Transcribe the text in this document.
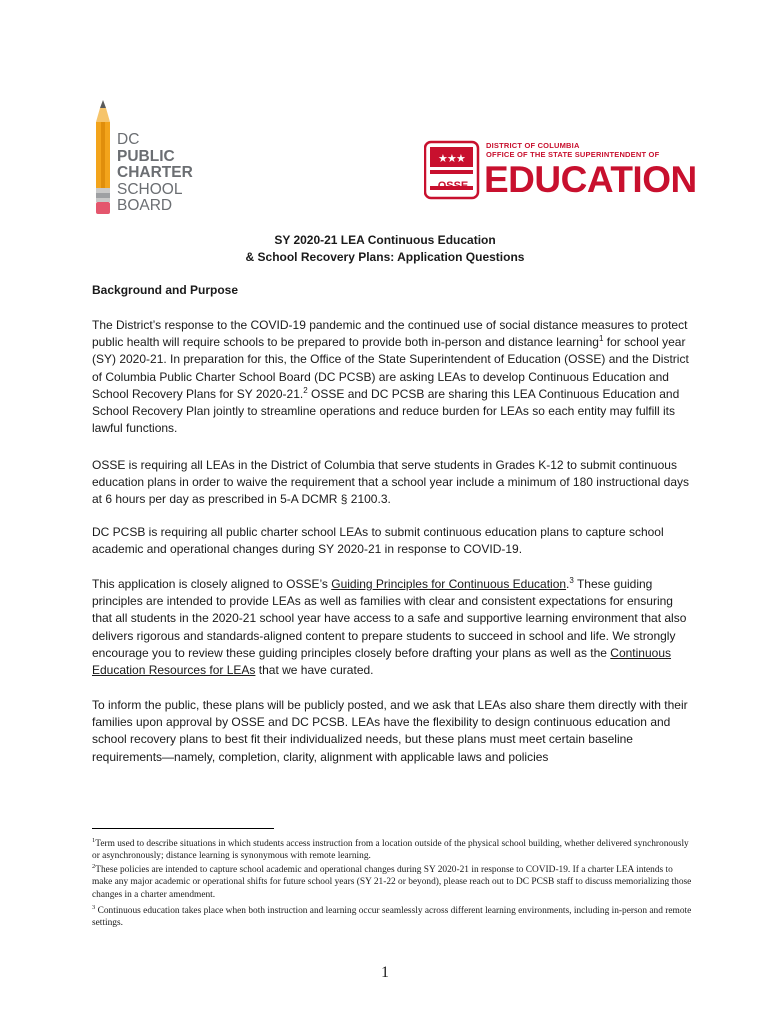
DC
PUBLIC
CHARTER
SCHOOL
BOARD
★ ★ ★
DISTRICT OF COLUMBIA
OFFICE OF THE STATE SUPERINTENDENT OF
EDUCATION
OSSE
SY 2020-21 LEA Continuous Education
& School Recovery Plans: Application Questions
Background and Purpose

The District’s response to the COVID-19 pandemic and the continued use of social distance measures to protect public health will require schools to be prepared to provide both in-person and distance learning$^1$ for school year (SY) 2020-21. In preparation for this, the Office of the State Superintendent of Education (OSSE) and the District of Columbia Public Charter School Board (DC PCSB) are asking LEAs to develop Continuous Education and School Recovery Plans for SY 2020-21.$^2$ OSSE and DC PCSB are sharing this LEA Continuous Education and School Recovery Plan jointly to streamline operations and reduce burden for LEAs so each entity may fulfill its lawful functions.

OSSE is requiring all LEAs in the District of Columbia that serve students in Grades K-12 to submit continuous education plans in order to waive the requirement that a school year include a minimum of 180 instructional days at 6 hours per day as prescribed in 5-A DCMR § 2100.3.

DC PCSB is requiring all public charter school LEAs to submit continuous education plans to capture school academic and operational changes during SY 2020-21 in response to COVID-19.

This application is closely aligned to OSSE’s Guiding Principles for Continuous Education.$^3$ These guiding principles are intended to provide LEAs as well as families with clear and consistent expectations for ensuring that all students in the 2020-21 school year have access to a safe and supportive learning environment that also delivers rigorous and standards-aligned content to prepare students to succeed in school and life. We strongly encourage you to review these guiding principles closely before drafting your plans as well as the Continuous Education Resources for LEAs that we have curated.

To inform the public, these plans will be publicly posted, and we ask that LEAs also share them directly with their families upon approval by OSSE and DC PCSB. LEAs have the flexibility to design continuous education and school recovery plans to best fit their individualized needs, but these plans must meet certain baseline requirements—namely, completion, clarity, alignment with applicable laws and policies

$^1$Term used to describe situations in which students access instruction from a location outside of the physical school building, whether delivered synchronously or asynchronously; distance learning is synonymous with remote learning.

$^2$These policies are intended to capture school academic and operational changes during SY 2020-21 in response to COVID-19. If a charter LEA intends to make any major academic or operational shifts for future school years (SY 21-22 or beyond), please reach out to DC PCSB staff to discuss memorializing those changes in a charter amendment.

$^3$ Continuous education takes place when both instruction and learning occur seamlessly across different learning environments, including in-person and remote settings.

1
